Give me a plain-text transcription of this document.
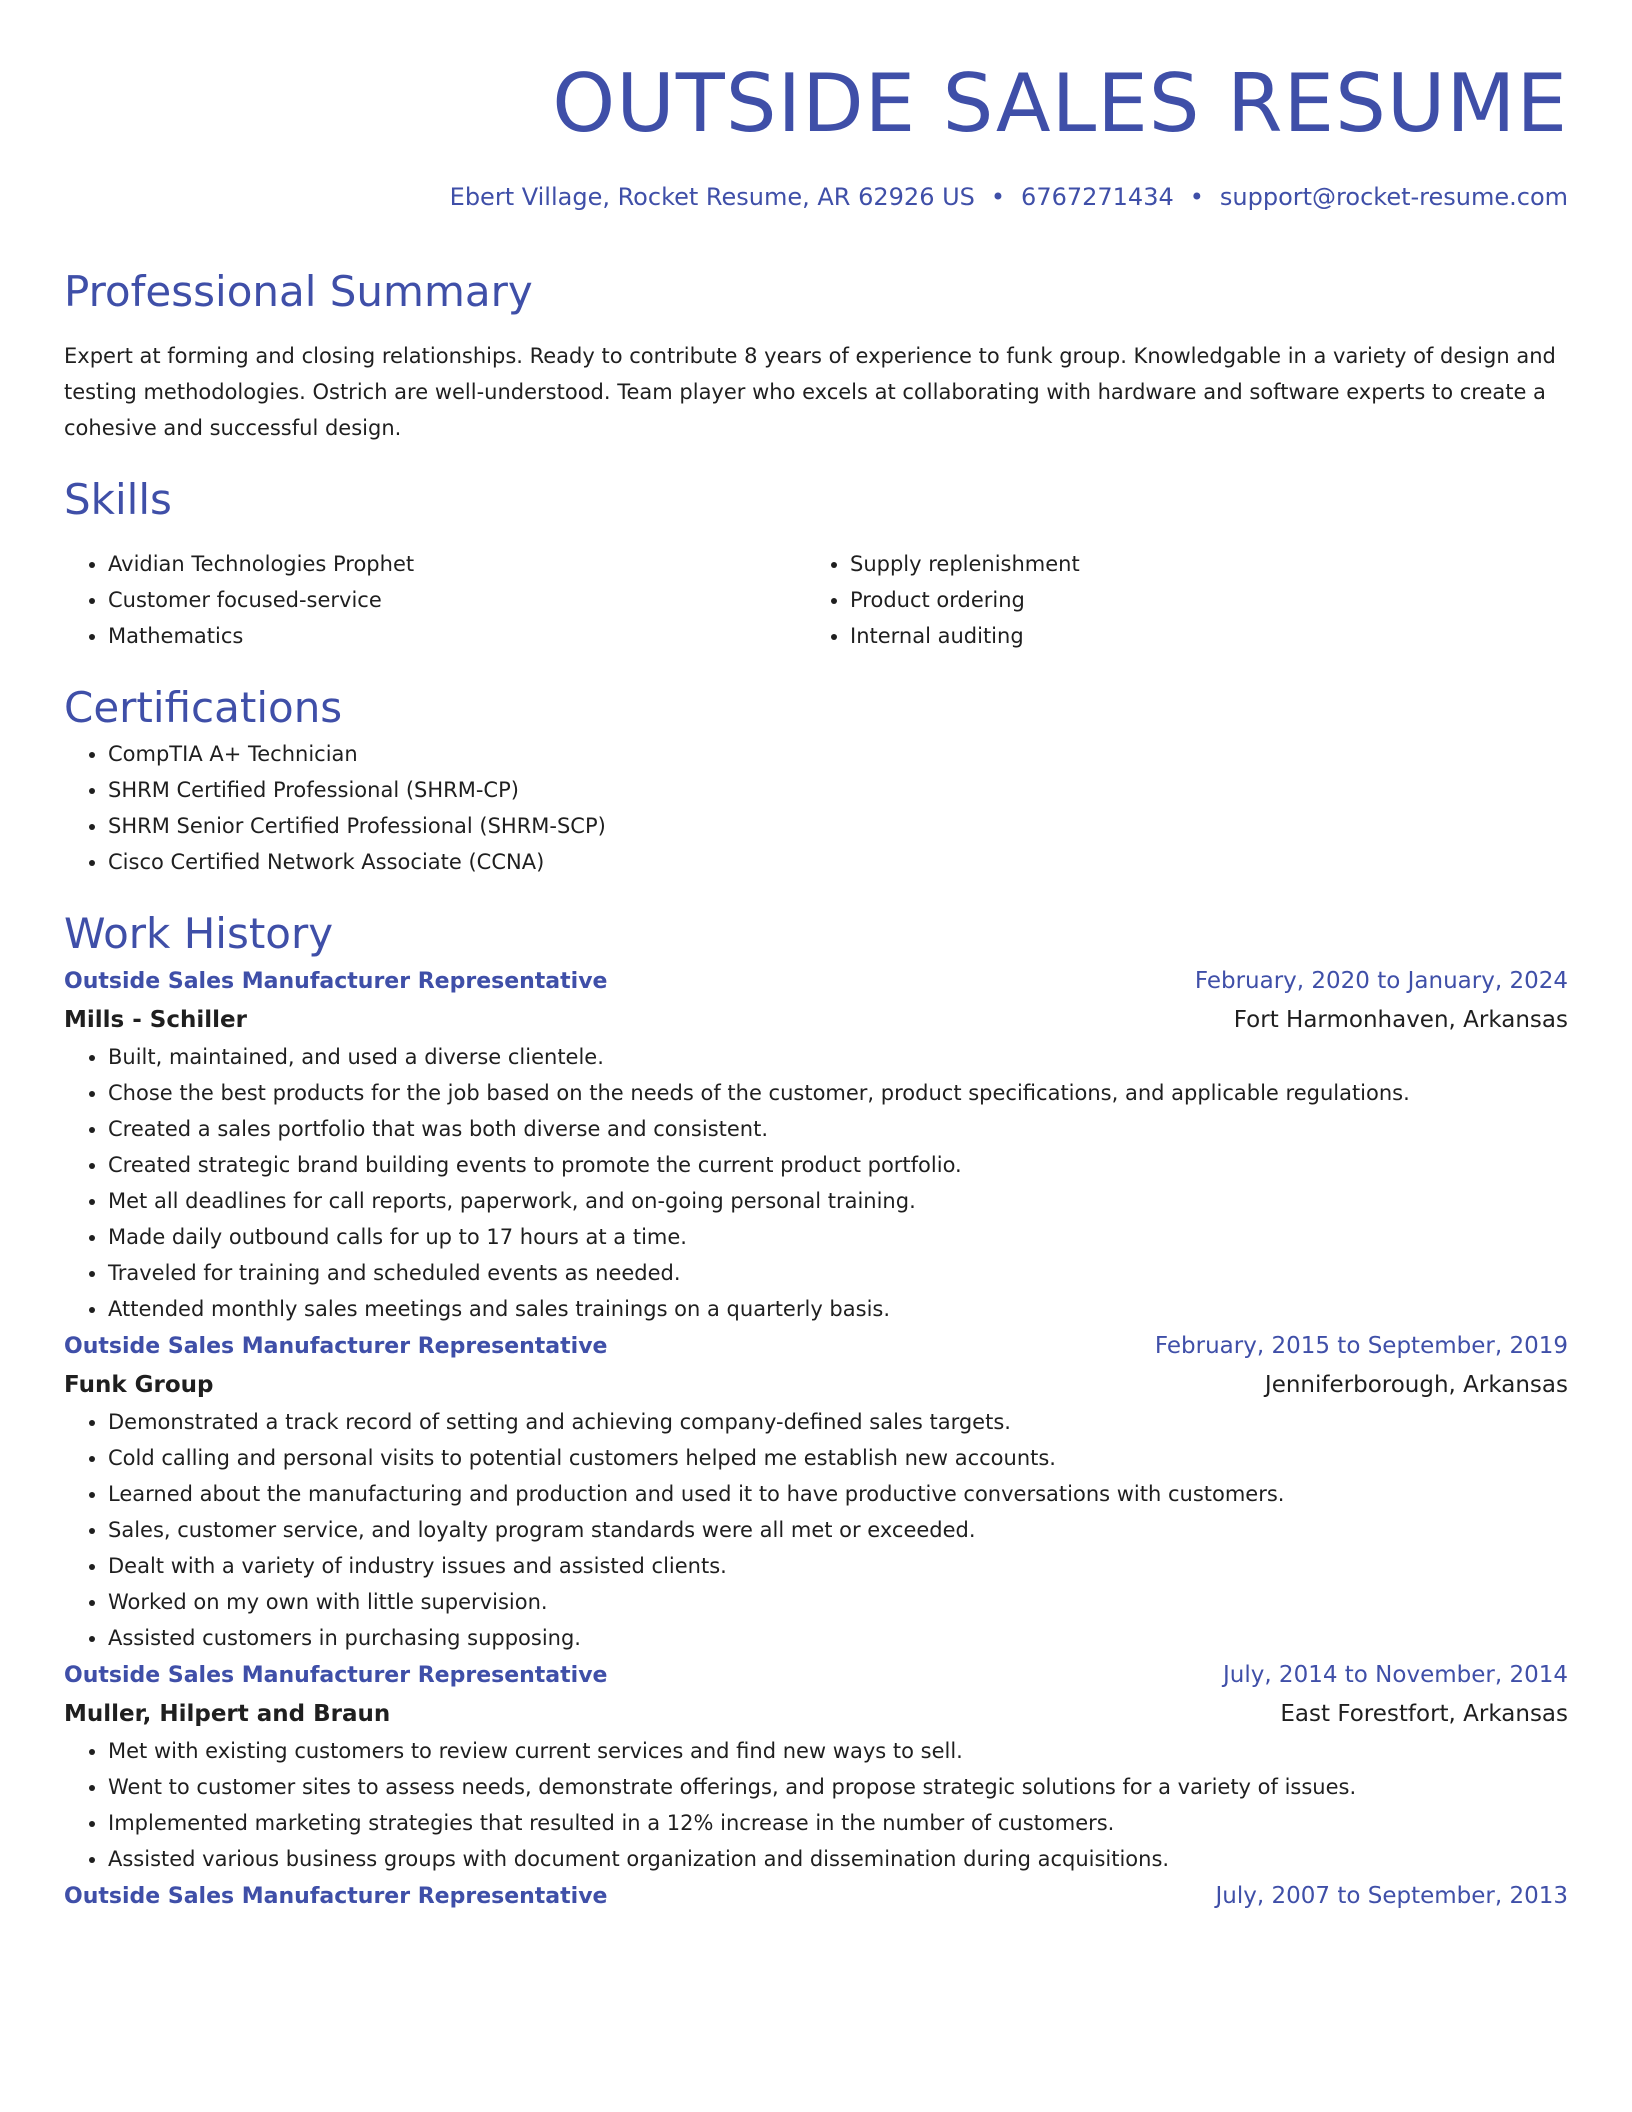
OUTSIDE SALES RESUME
Ebert Village, Rocket Resume, AR 62926 US • 6767271434 • support@rocket-resume.com
Professional Summary

Expert at forming and closing relationships. Ready to contribute 8 years of experience to funk group. Knowledgable in a variety of design and testing methodologies. Ostrich are well-understood. Team player who excels at collaborating with hardware and software experts to create a cohesive and successful design.

Skills
• Avidian Technologies Prophet
• Customer focused-service
• Mathematics
• Supply replenishment
• Product ordering
• Internal auditing
Certifications
• CompTIA A+ Technician
• SHRM Certified Professional (SHRM-CP)
• SHRM Senior Certified Professional (SHRM-SCP)
• Cisco Certified Network Associate (CCNA)
Work History
Outside Sales Manufacturer Representative	February, 2020 to January, 2024
Mills - Schiller	Fort Harmonhaven, Arkansas
• Built, maintained, and used a diverse clientele.
• Chose the best products for the job based on the needs of the customer, product specifications, and applicable regulations.
• Created a sales portfolio that was both diverse and consistent.
• Created strategic brand building events to promote the current product portfolio.
• Met all deadlines for call reports, paperwork, and on-going personal training.
• Made daily outbound calls for up to 17 hours at a time.
• Traveled for training and scheduled events as needed.
• Attended monthly sales meetings and sales trainings on a quarterly basis.
Outside Sales Manufacturer Representative	February, 2015 to September, 2019
Funk Group	Jenniferborough, Arkansas
• Demonstrated a track record of setting and achieving company-defined sales targets.
• Cold calling and personal visits to potential customers helped me establish new accounts.
• Learned about the manufacturing and production and used it to have productive conversations with customers.
• Sales, customer service, and loyalty program standards were all met or exceeded.
• Dealt with a variety of industry issues and assisted clients.
• Worked on my own with little supervision.
• Assisted customers in purchasing supposing.
Outside Sales Manufacturer Representative	July, 2014 to November, 2014
Muller, Hilpert and Braun	East Forestfort, Arkansas
• Met with existing customers to review current services and find new ways to sell.
• Went to customer sites to assess needs, demonstrate offerings, and propose strategic solutions for a variety of issues.
• Implemented marketing strategies that resulted in a 12% increase in the number of customers.
• Assisted various business groups with document organization and dissemination during acquisitions.
Outside Sales Manufacturer Representative	July, 2007 to September, 2013
